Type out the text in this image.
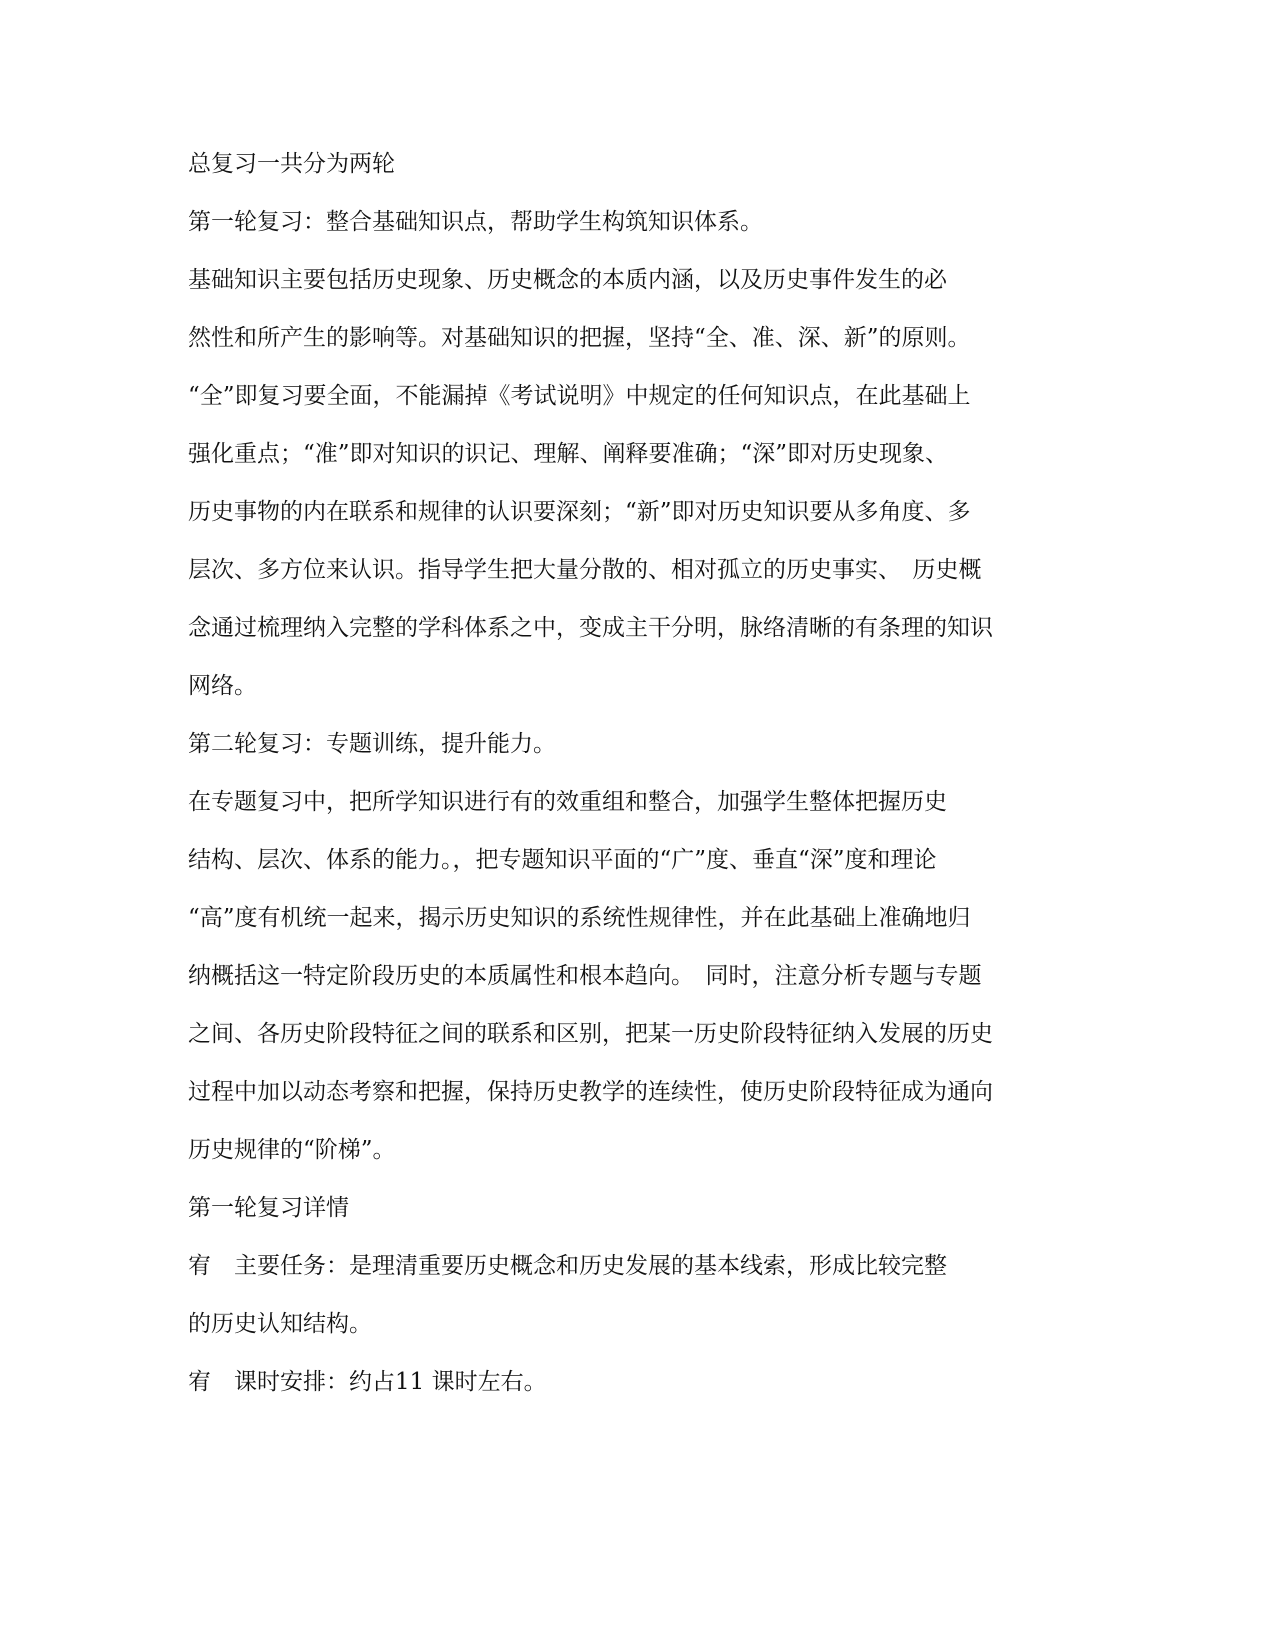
总复习一共分为两轮
第一轮复习：整合基础知识点，帮助学生构筑知识体系。
基础知识主要包括历史现象、历史概念的本质内涵，以及历史事件发生的必
然性和所产生的影响等。对基础知识的把握，坚持“全、准、深、新”的原则。
“全”即复习要全面，不能漏掉《考试说明》中规定的任何知识点，在此基础上
强化重点；“准”即对知识的识记、理解、阐释要准确；“深”即对历史现象、
历史事物的内在联系和规律的认识要深刻；“新”即对历史知识要从多角度、多
层次、多方位来认识。指导学生把大量分散的、相对孤立的历史事实、　历史概
念通过梳理纳入完整的学科体系之中，变成主干分明，脉络清晰的有条理的知识
网络。
第二轮复习：专题训练，提升能力。
在专题复习中，把所学知识进行有的效重组和整合，加强学生整体把握历史
结构、层次、体系的能力。，把专题知识平面的“广”度、垂直“深”度和理论
“高”度有机统一起来，揭示历史知识的系统性规律性，并在此基础上准确地归
纳概括这一特定阶段历史的本质属性和根本趋向。　同时，注意分析专题与专题
之间、各历史阶段特征之间的联系和区别，把某一历史阶段特征纳入发展的历史
过程中加以动态考察和把握，保持历史教学的连续性，使历史阶段特征成为通向
历史规律的“阶梯”。
第一轮复习详情
宥　主要任务：是理清重要历史概念和历史发展的基本线索，形成比较完整
的历史认知结构。
宥　课时安排：约占11 课时左右。
